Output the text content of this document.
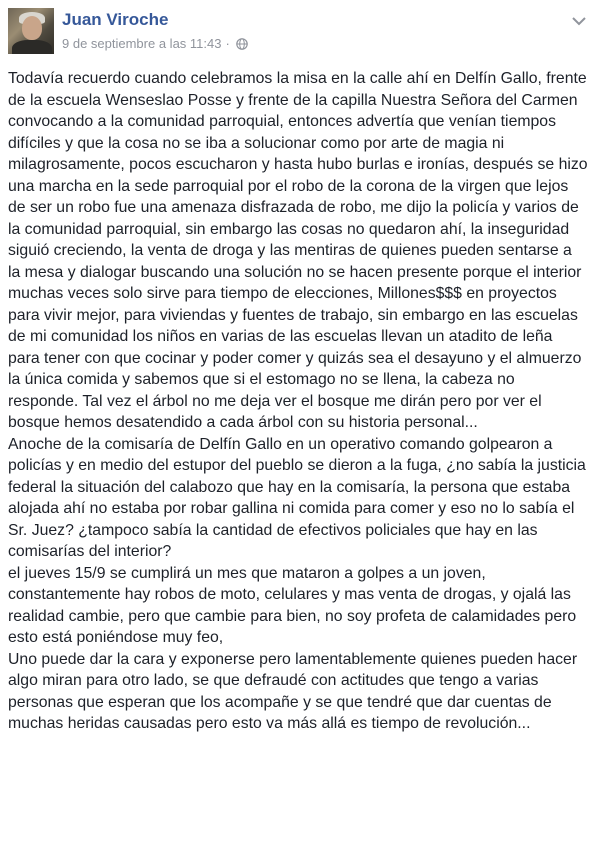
Juan Viroche
9 de septiembre a las 11:43 ·
Todavía recuerdo cuando celebramos la misa en la calle ahí en Delfín Gallo, frente de la escuela Wenseslao Posse y frente de la capilla Nuestra Señora del Carmen convocando a la comunidad parroquial, entonces advertía que venían tiempos difíciles y que la cosa no se iba a solucionar como por arte de magia ni milagrosamente, pocos escucharon y hasta hubo burlas e ironías, después se hizo una marcha en la sede parroquial por el robo de la corona de la virgen que lejos de ser un robo fue una amenaza disfrazada de robo, me dijo la policía y varios de la comunidad parroquial, sin embargo las cosas no quedaron ahí, la inseguridad siguió creciendo, la venta de droga y las mentiras de quienes pueden sentarse a la mesa y dialogar buscando una solución no se hacen presente porque el interior muchas veces solo sirve para tiempo de elecciones, Millones$$$ en proyectos para vivir mejor, para viviendas y fuentes de trabajo, sin embargo en las escuelas de mi comunidad los niños en varias de las escuelas llevan un atadito de leña para tener con que cocinar y poder comer y quizás sea el desayuno y el almuerzo la única comida y sabemos que si el estomago no se llena, la cabeza no responde. Tal vez el árbol no me deja ver el bosque me dirán pero por ver el bosque hemos desatendido a cada árbol con su historia personal...
Anoche de la comisaría de Delfín Gallo en un operativo comando golpearon a policías y en medio del estupor del pueblo se dieron a la fuga, ¿no sabía la justicia federal la situación del calabozo que hay en la comisaría, la persona que estaba alojada ahí no estaba por robar gallina ni comida para comer y eso no lo sabía el Sr. Juez? ¿tampoco sabía la cantidad de efectivos policiales que hay en las comisarías del interior?
el jueves 15/9 se cumplirá un mes que mataron a golpes a un joven, constantemente hay robos de moto, celulares y mas venta de drogas, y ojalá las realidad cambie, pero que cambie para bien, no soy profeta de calamidades pero esto está poniéndose muy feo,
Uno puede dar la cara y exponerse pero lamentablemente quienes pueden hacer algo miran para otro lado, se que defraudé con actitudes que tengo a varias personas que esperan que los acompañe y se que tendré que dar cuentas de muchas heridas causadas pero esto va más allá es tiempo de revolución...
